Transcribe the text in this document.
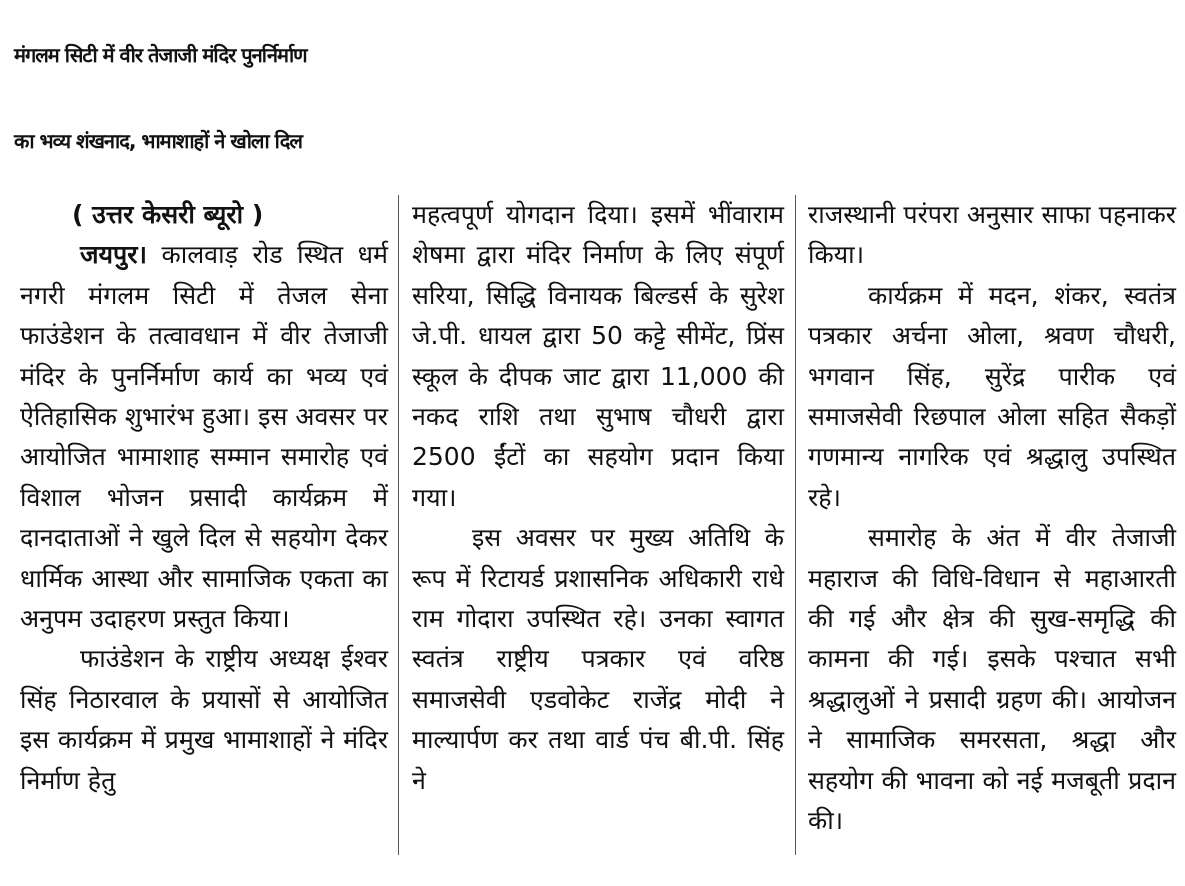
मंगलम सिटी में वीर तेजाजी मंदिर पुनर्निर्माण
का भव्य शंखनाद, भामाशाहों ने खोला दिल

( उत्तर केसरी ब्यूरो )

जयपुर। कालवाड़ रोड स्थित धर्म नगरी मंगलम सिटी में तेजल सेना फाउंडेशन के तत्वावधान में वीर तेजाजी मंदिर के पुनर्निर्माण कार्य का भव्य एवं ऐतिहासिक शुभारंभ हुआ। इस अवसर पर आयोजित भामाशाह सम्मान समारोह एवं विशाल भोजन प्रसादी कार्यक्रम में दानदाताओं ने खुले दिल से सहयोग देकर धार्मिक आस्था और सामाजिक एकता का अनुपम उदाहरण प्रस्तुत किया।

फाउंडेशन के राष्ट्रीय अध्यक्ष ईश्वर सिंह निठारवाल के प्रयासों से आयोजित इस कार्यक्रम में प्रमुख भामाशाहों ने मंदिर निर्माण हेतु

महत्वपूर्ण योगदान दिया। इसमें भींवाराम शेषमा द्वारा मंदिर निर्माण के लिए संपूर्ण सरिया, सिद्धि विनायक बिल्डर्स के सुरेश जे.पी. धायल द्वारा 50 कट्टे सीमेंट, प्रिंस स्कूल के दीपक जाट द्वारा 11,000 की नकद राशि तथा सुभाष चौधरी द्वारा 2500 ईंटों का सहयोग प्रदान किया गया।

इस अवसर पर मुख्य अतिथि के रूप में रिटायर्ड प्रशासनिक अधिकारी राधे राम गोदारा उपस्थित रहे। उनका स्वागत स्वतंत्र राष्ट्रीय पत्रकार एवं वरिष्ठ समाजसेवी एडवोकेट राजेंद्र मोदी ने माल्यार्पण कर तथा वार्ड पंच बी.पी. सिंह ने

राजस्थानी परंपरा अनुसार साफा पहनाकर किया।

कार्यक्रम में मदन, शंकर, स्वतंत्र पत्रकार अर्चना ओला, श्रवण चौधरी, भगवान सिंह, सुरेंद्र पारीक एवं समाजसेवी रिछपाल ओला सहित सैकड़ों गणमान्य नागरिक एवं श्रद्धालु उपस्थित रहे।

समारोह के अंत में वीर तेजाजी महाराज की विधि-विधान से महाआरती की गई और क्षेत्र की सुख-समृद्धि की कामना की गई। इसके पश्चात सभी श्रद्धालुओं ने प्रसादी ग्रहण की। आयोजन ने सामाजिक समरसता, श्रद्धा और सहयोग की भावना को नई मजबूती प्रदान की।
